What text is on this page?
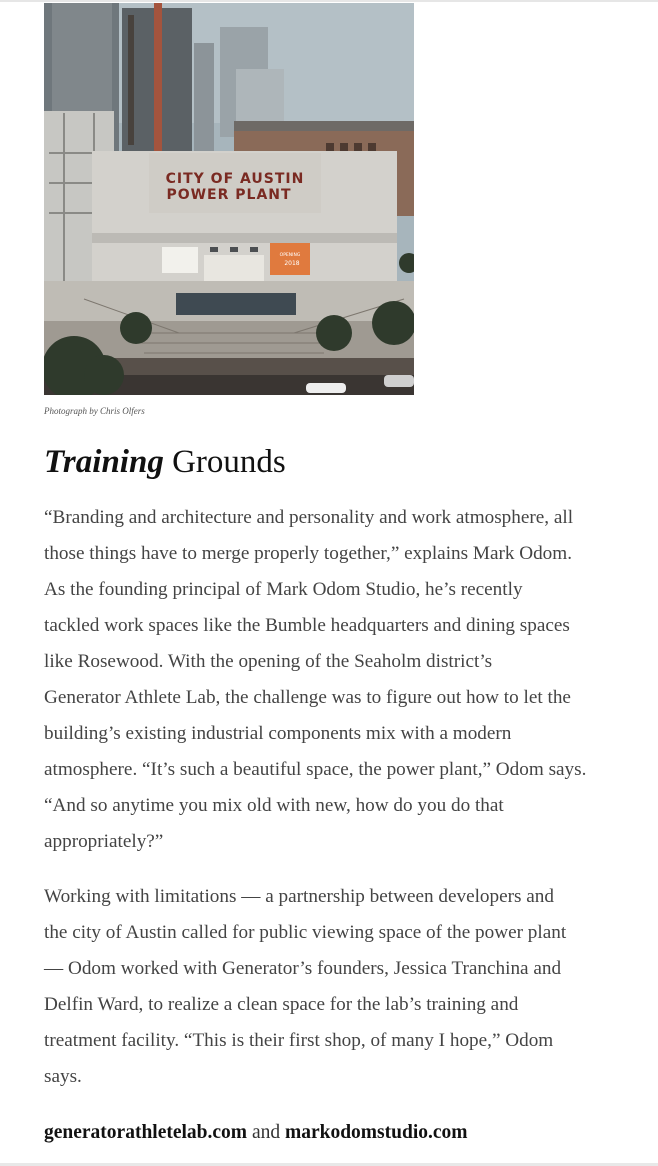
CITY OF AUSTIN
POWER PLANT
OPENING
2018
Photograph by Chris Olfers
Training Grounds

“Branding and architecture and personality and work atmosphere, all
those things have to merge properly together,” explains Mark Odom.
As the founding principal of Mark Odom Studio, he’s recently
tackled work spaces like the Bumble headquarters and dining spaces
like Rosewood. With the opening of the Seaholm district’s
Generator Athlete Lab, the challenge was to figure out how to let the
building’s existing industrial components mix with a modern
atmosphere. “It’s such a beautiful space, the power plant,” Odom says.
“And so anytime you mix old with new, how do you do that
appropriately?”

Working with limitations — a partnership between developers and
the city of Austin called for public viewing space of the power plant
— Odom worked with Generator’s founders, Jessica Tranchina and
Delfin Ward, to realize a clean space for the lab’s training and
treatment facility. “This is their first shop, of many I hope,” Odom
says.

generatorathletelab.com and markodomstudio.com
